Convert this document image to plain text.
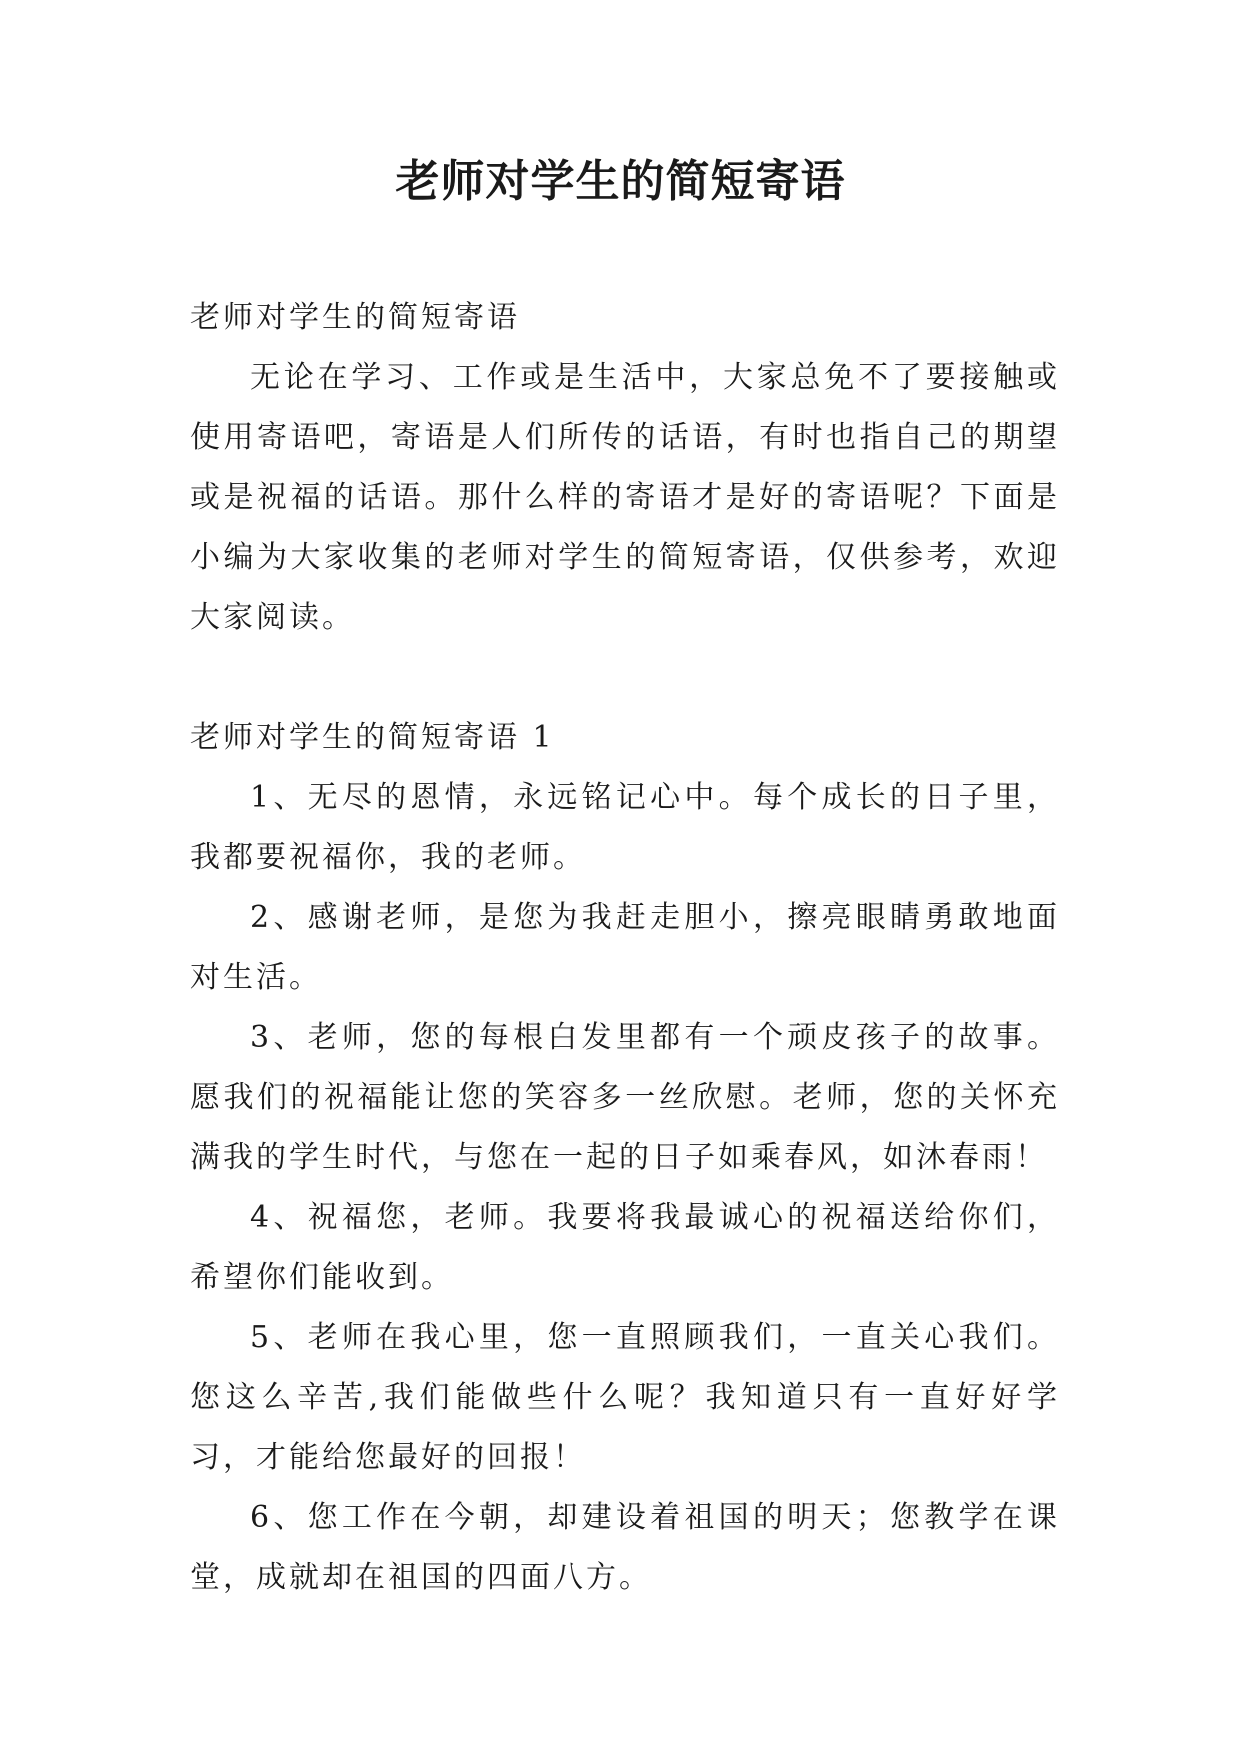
老师对学生的简短寄语

老师对学生的简短寄语

无论在学习、工作或是生活中，大家总免不了要接触或使用寄语吧，寄语是人们所传的话语，有时也指自己的期望或是祝福的话语。那什么样的寄语才是好的寄语呢？下面是小编为大家收集的老师对学生的简短寄语，仅供参考，欢迎大家阅读。

老师对学生的简短寄语 1

1、无尽的恩情，永远铭记心中。每个成长的日子里，我都要祝福你，我的老师。

2、感谢老师，是您为我赶走胆小，擦亮眼睛勇敢地面对生活。

3、老师，您的每根白发里都有一个顽皮孩子的故事。愿我们的祝福能让您的笑容多一丝欣慰。老师，您的关怀充满我的学生时代，与您在一起的日子如乘春风，如沐春雨！

4、祝福您，老师。我要将我最诚心的祝福送给你们，希望你们能收到。

5、老师在我心里，您一直照顾我们，一直关心我们。您这么辛苦,我们能做些什么呢？我知道只有一直好好学习，才能给您最好的回报！

6、您工作在今朝，却建设着祖国的明天；您教学在课堂，成就却在祖国的四面八方。
